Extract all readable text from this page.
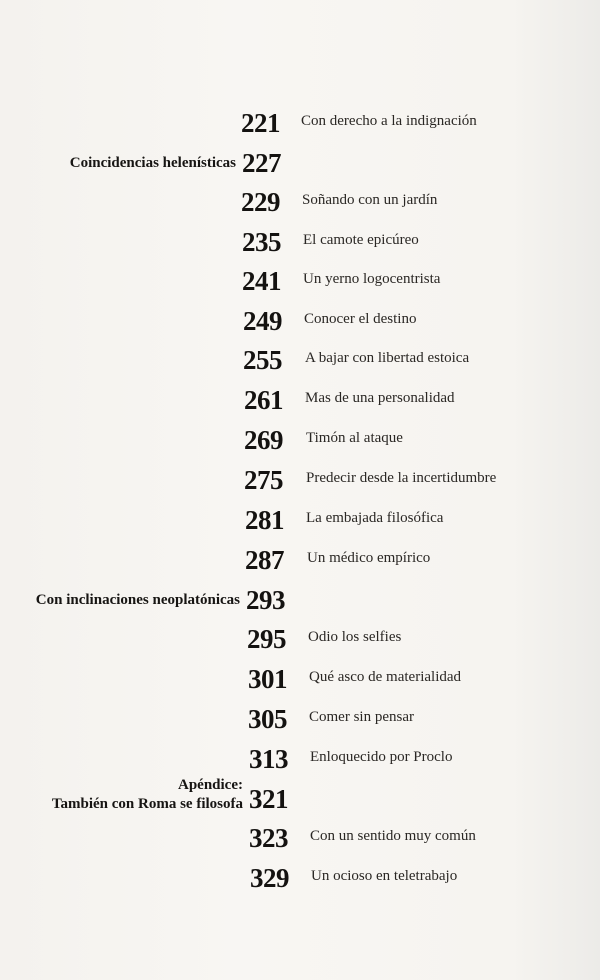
221 Con derecho a la indignación
227
Coincidencias helenísticas
229 Soñando con un jardín
235 El camote epicúreo
241 Un yerno logocentrista
249 Conocer el destino
255 A bajar con libertad estoica
261 Mas de una personalidad
269 Timón al ataque
275 Predecir desde la incertidumbre
281 La embajada filosófica
287 Un médico empírico
293
Con inclinaciones neoplatónicas
295 Odio los selfies
301 Qué asco de materialidad
305 Comer sin pensar
313 Enloquecido por Proclo
321
Apéndice:
También con Roma se filosofa
323 Con un sentido muy común
329 Un ocioso en teletrabajo
